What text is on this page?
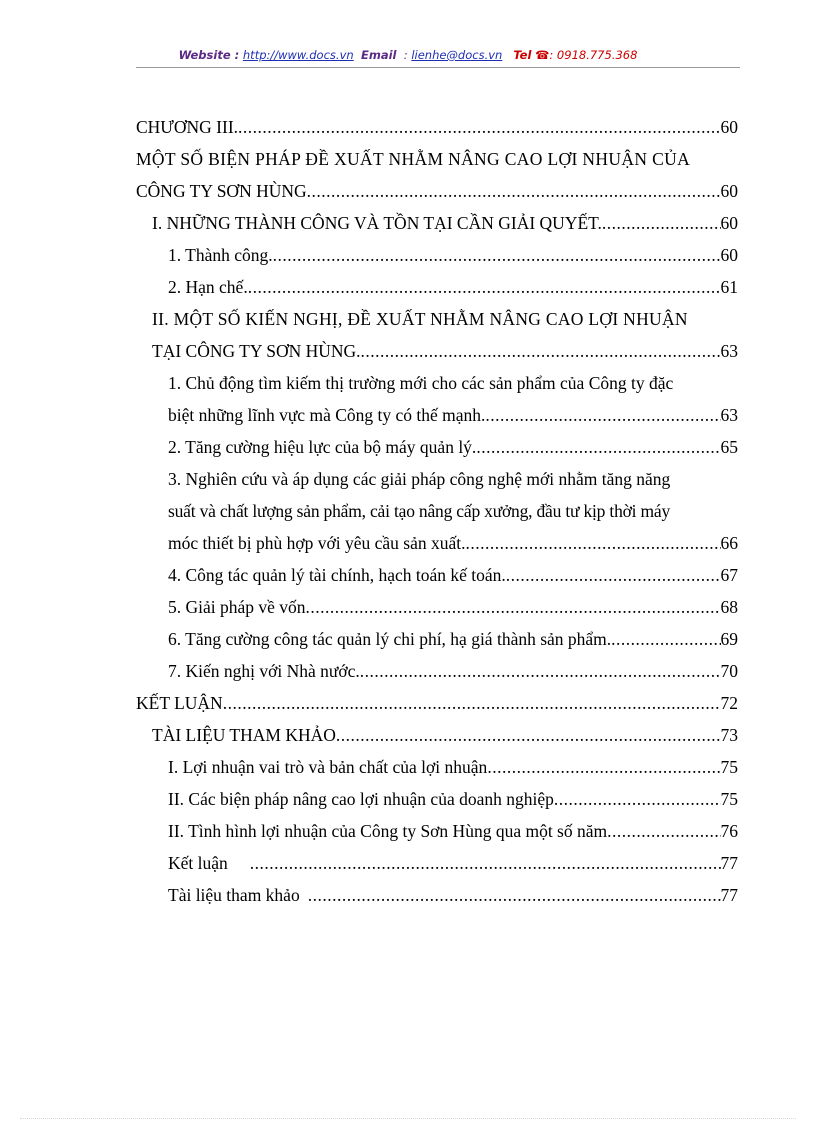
Website : http://www.docs.vn Email : lienhe@docs.vn Tel ☎: 0918.775.368
CHƯƠNG III. .....	60
MỘT SỐ BIỆN PHÁP ĐỀ XUẤT NHẰM NÂNG CAO LỢI NHUẬN CỦA
CÔNG TY SƠN HÙNG .....	60
I. NHỮNG THÀNH CÔNG VÀ TỒN TẠI CẦN GIẢI QUYẾT. .....	60
1. Thành công. .....	60
2. Hạn chế. .....	61
II. MỘT SỐ KIẾN NGHỊ, ĐỀ XUẤT NHẰM NÂNG CAO LỢI NHUẬN
TẠI CÔNG TY SƠN HÙNG. .....	63
1. Chủ động tìm kiếm thị trường mới cho các sản phẩm của Công ty đặc
biệt những lĩnh vực mà Công ty có thế mạnh. .....	63
2. Tăng cường hiệu lực của bộ máy quản lý. .....	65
3. Nghiên cứu và áp dụng các giải pháp công nghệ mới nhằm tăng năng
suất và chất lượng sản phẩm, cải tạo nâng cấp xưởng, đầu tư kịp thời máy
móc thiết bị phù hợp với yêu cầu sản xuất. .....	66
4. Công tác quản lý tài chính, hạch toán kế toán. .....	67
5. Giải pháp về vốn .....	68
6. Tăng cường công tác quản lý chi phí, hạ giá thành sản phẩm. .....	69
7. Kiến nghị với Nhà nước. .....	70
KẾT LUẬN .....	72
TÀI LIỆU THAM KHẢO .....	73
I. Lợi nhuận vai trò và bản chất của lợi nhuận .....	75
II. Các biện pháp nâng cao lợi nhuận của doanh nghiệp .....	75
II. Tình hình lợi nhuận của Công ty Sơn Hùng qua một số năm .....	76
Kết luận .....	77
Tài liệu tham khảo .....	77
